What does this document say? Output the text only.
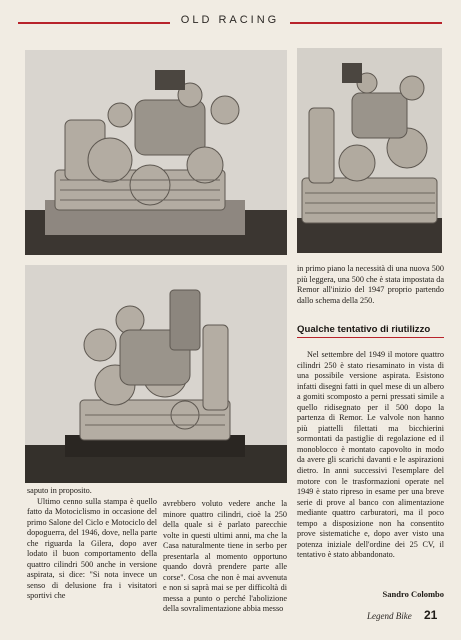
OLD RACING

saputo in proposito.

Ultimo cenno sulla stampa è quello fatto da Motociclismo in occasione del primo Salone del Ciclo e Motociclo del dopoguerra, del 1946, dove, nella parte che riguarda la Gilera, dopo aver lodato il buon comportamento della quattro cilindri 500 anche in versione aspirata, si dice: "Si nota invece un senso di delusione fra i visitatori sportivi che

avrebbero voluto vedere anche la minore quattro cilindri, cioè la 250 della quale si è parlato parecchie volte in questi ultimi anni, ma che la Casa naturalmente tiene in serbo per presentarla al momento opportuno quando dovrà prendere parte alle corse". Cosa che non è mai avvenuta e non si saprà mai se per difficoltà di messa a punto o perché l'abolizione della sovralimentazione abbia messo

in primo piano la necessità di una nuova 500 più leggera, una 500 che è stata impostata da Remor all'inizio del 1947 proprio partendo dallo schema della 250.

Qualche tentativo di riutilizzo

Nel settembre del 1949 il motore quattro cilindri 250 è stato riesaminato in vista di una possibile versione aspirata. Esistono infatti disegni fatti in quel mese di un albero a gomiti scomposto a perni pressati simile a quello ridisegnato per il 500 dopo la partenza di Remor. Le valvole non hanno più piattelli filettati ma bicchierini sormontati da pastiglie di regolazione ed il monoblocco è montato capovolto in modo da avere gli scarichi davanti e le aspirazioni dietro. In anni successivi l'esemplare del motore con le trasformazioni operate nel 1949 è stato ripreso in esame per una breve serie di prove al banco con alimentazione mediante quattro carburatori, ma il poco tempo a disposizione non ha consentito prove sistematiche e, dopo aver visto una potenza iniziale dell'ordine dei 25 CV, il tentativo è stato abbandonato.

Sandro Colombo
Legend Bike 21
